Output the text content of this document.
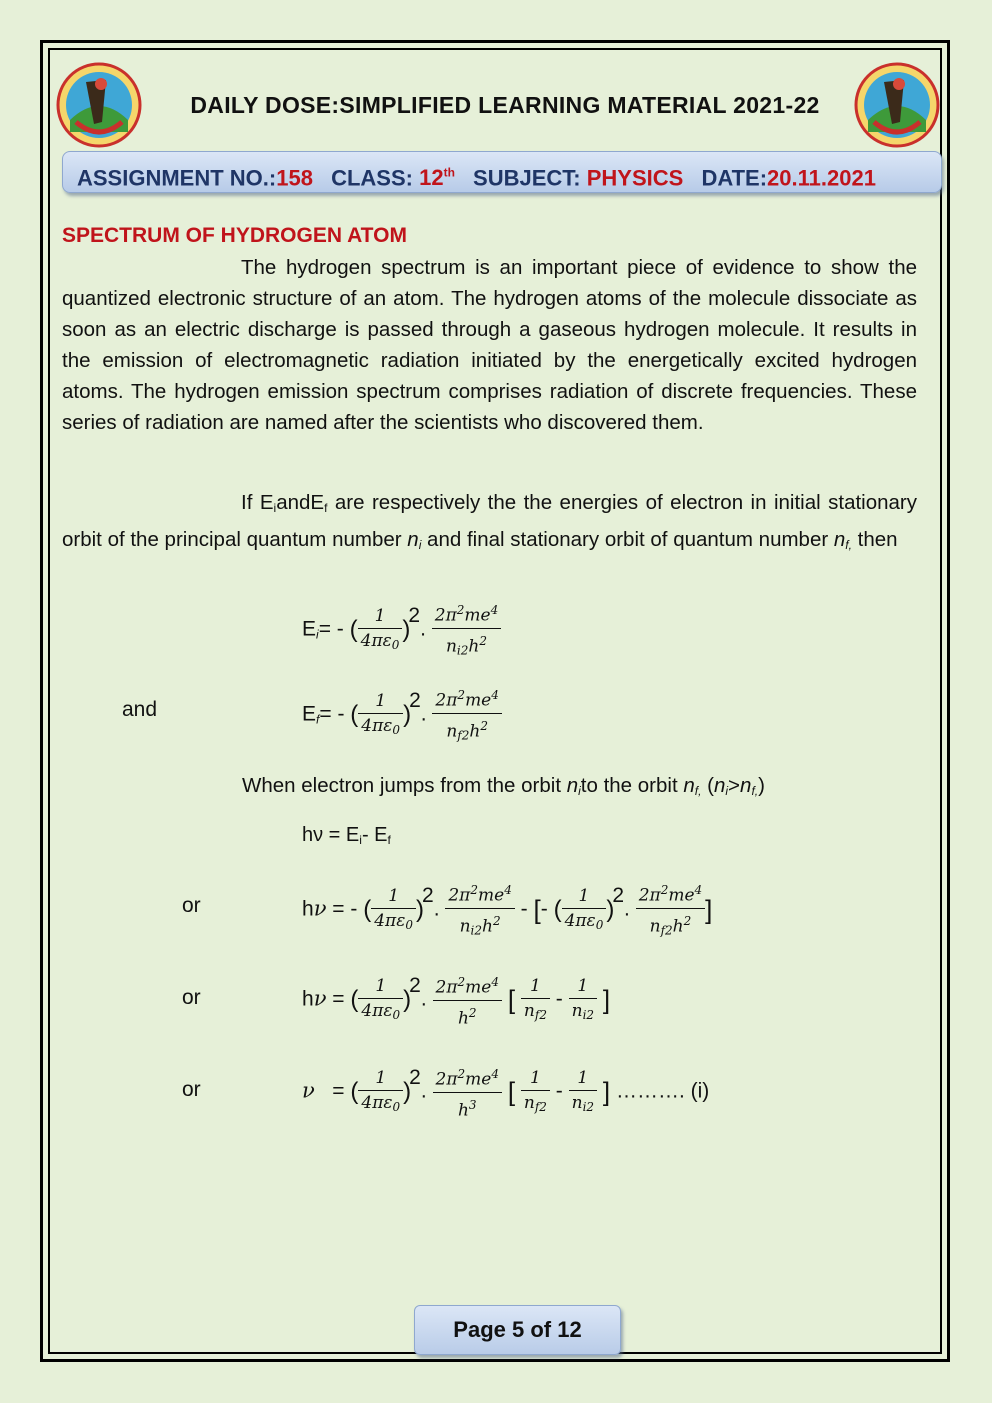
DAILY DOSE:SIMPLIFIED LEARNING MATERIAL 2021-22
ASSIGNMENT NO.:158 CLASS: 12th SUBJECT: PHYSICS DATE:20.11.2021
SPECTRUM OF HYDROGEN ATOM
The hydrogen spectrum is an important piece of evidence to show the quantized electronic structure of an atom. The hydrogen atoms of the molecule dissociate as soon as an electric discharge is passed through a gaseous hydrogen molecule. It results in the emission of electromagnetic radiation initiated by the energetically excited hydrogen atoms. The hydrogen emission spectrum comprises radiation of discrete frequencies. These series of radiation are named after the scientists who discovered them.
If $E_iandE_f$ are respectively the the energies of electron in initial stationary orbit of the principal quantum number $n_i$ and final stationary orbit of quantum number $n_{f,}$ then
$E_i=$ - ( $\frac{1}{4\pi\varepsilon_0} )2$. $\frac{2\pi^2me^4}{n_{i2}h^2}$
and	$E_f=$ - ( $\frac{1}{4\pi\varepsilon_0} )2$. $\frac{2\pi^2me^4}{n_{f2}h^2}$
When electron jumps from the orbit $n_ito$ the orbit $n_{f,}$ $(n_i>n_{f,})$
$h\nu = E_i-$ $E_f$
or	hν = - ( $\frac{1}{4\pi\varepsilon_0} )2$. $\frac{2\pi^2me^4}{n_{i2}h^2}$ - [- ( $\frac{1}{4\pi\varepsilon_0} )2$. $\frac{2\pi^2me^4}{n_{f2}h^2}$ ]
or	hν = ( $\frac{1}{4\pi\varepsilon_0} )2$. $\frac{2\pi^2me^4}{h^2}$ [ $\frac{1}{n_{f2}} - \frac{1}{n_{i2}}$ ]
or	ν   = ( $\frac{1}{4\pi\varepsilon_0} )2$. $\frac{2\pi^2me^4}{h^3}$ [ $\frac{1}{n_{f2}} - \frac{1}{n_{i2}}$ ] ………. (i)
Page 5 of 12
